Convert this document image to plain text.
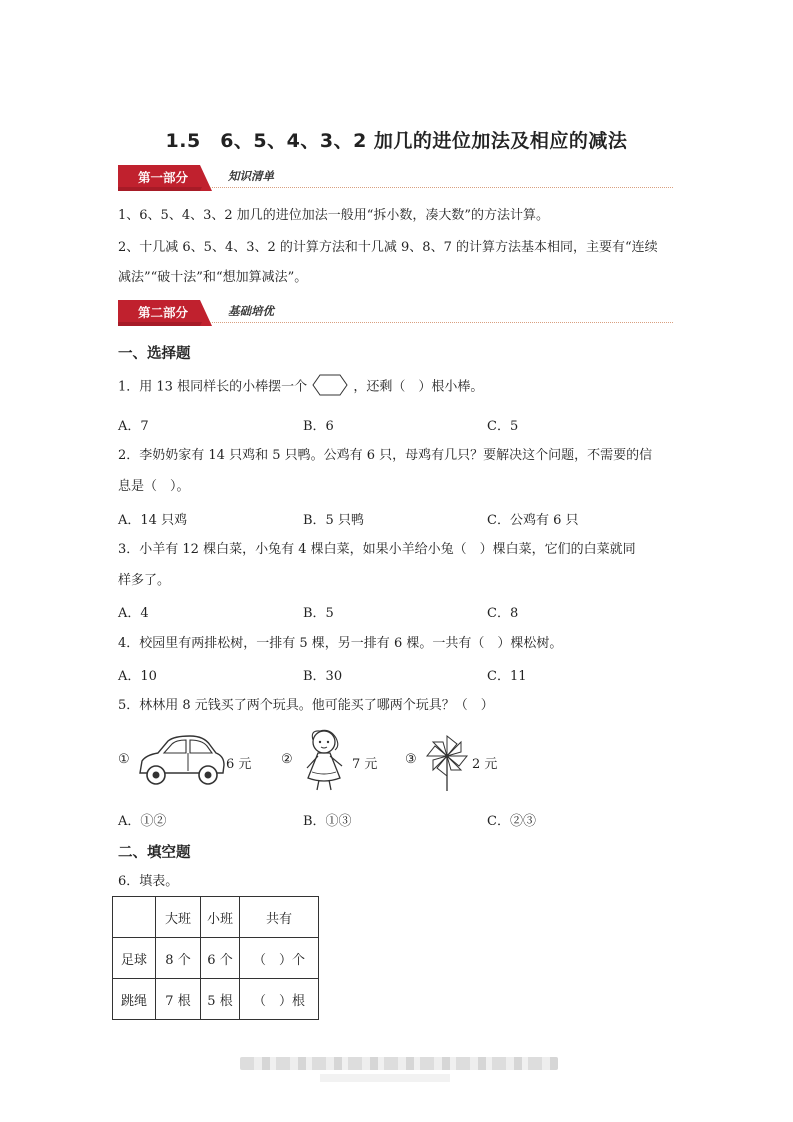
1.5　6、5、4、3、2 加几的进位加法及相应的减法
第一部分	知识清单
1、6、5、4、3、2 加几的进位加法一般用“拆小数，凑大数”的方法计算。
2、十几减 6、5、4、3、2 的计算方法和十几减 9、8、7 的计算方法基本相同，主要有“连续
减法”“破十法”和“想加算减法”。
第二部分	基础培优
一、选择题
1．用 13 根同样长的小棒摆一个	，还剩（　）根小棒。
A．7	B．6	C．5
2．李奶奶家有 14 只鸡和 5 只鸭。公鸡有 6 只，母鸡有几只？要解决这个问题，不需要的信
息是（　）。
A．14 只鸡	B．5 只鸭	C．公鸡有 6 只
3．小羊有 12 棵白菜，小兔有 4 棵白菜，如果小羊给小兔（　）棵白菜，它们的白菜就同
样多了。
A．4	B．5	C．8
4．校园里有两排松树，一排有 5 棵，另一排有 6 棵。一共有（　）棵松树。
A．10	B．30	C．11
5．林林用 8 元钱买了两个玩具。他可能买了哪两个玩具？（　）
①	6 元 ②	7 元 ③	2 元
A．①②	B．①③	C．②③
二、填空题
6．填表。
	大班	小班	共有
足球	8 个	6 个	（　）个
跳绳	7 根	5 根	（　）根
